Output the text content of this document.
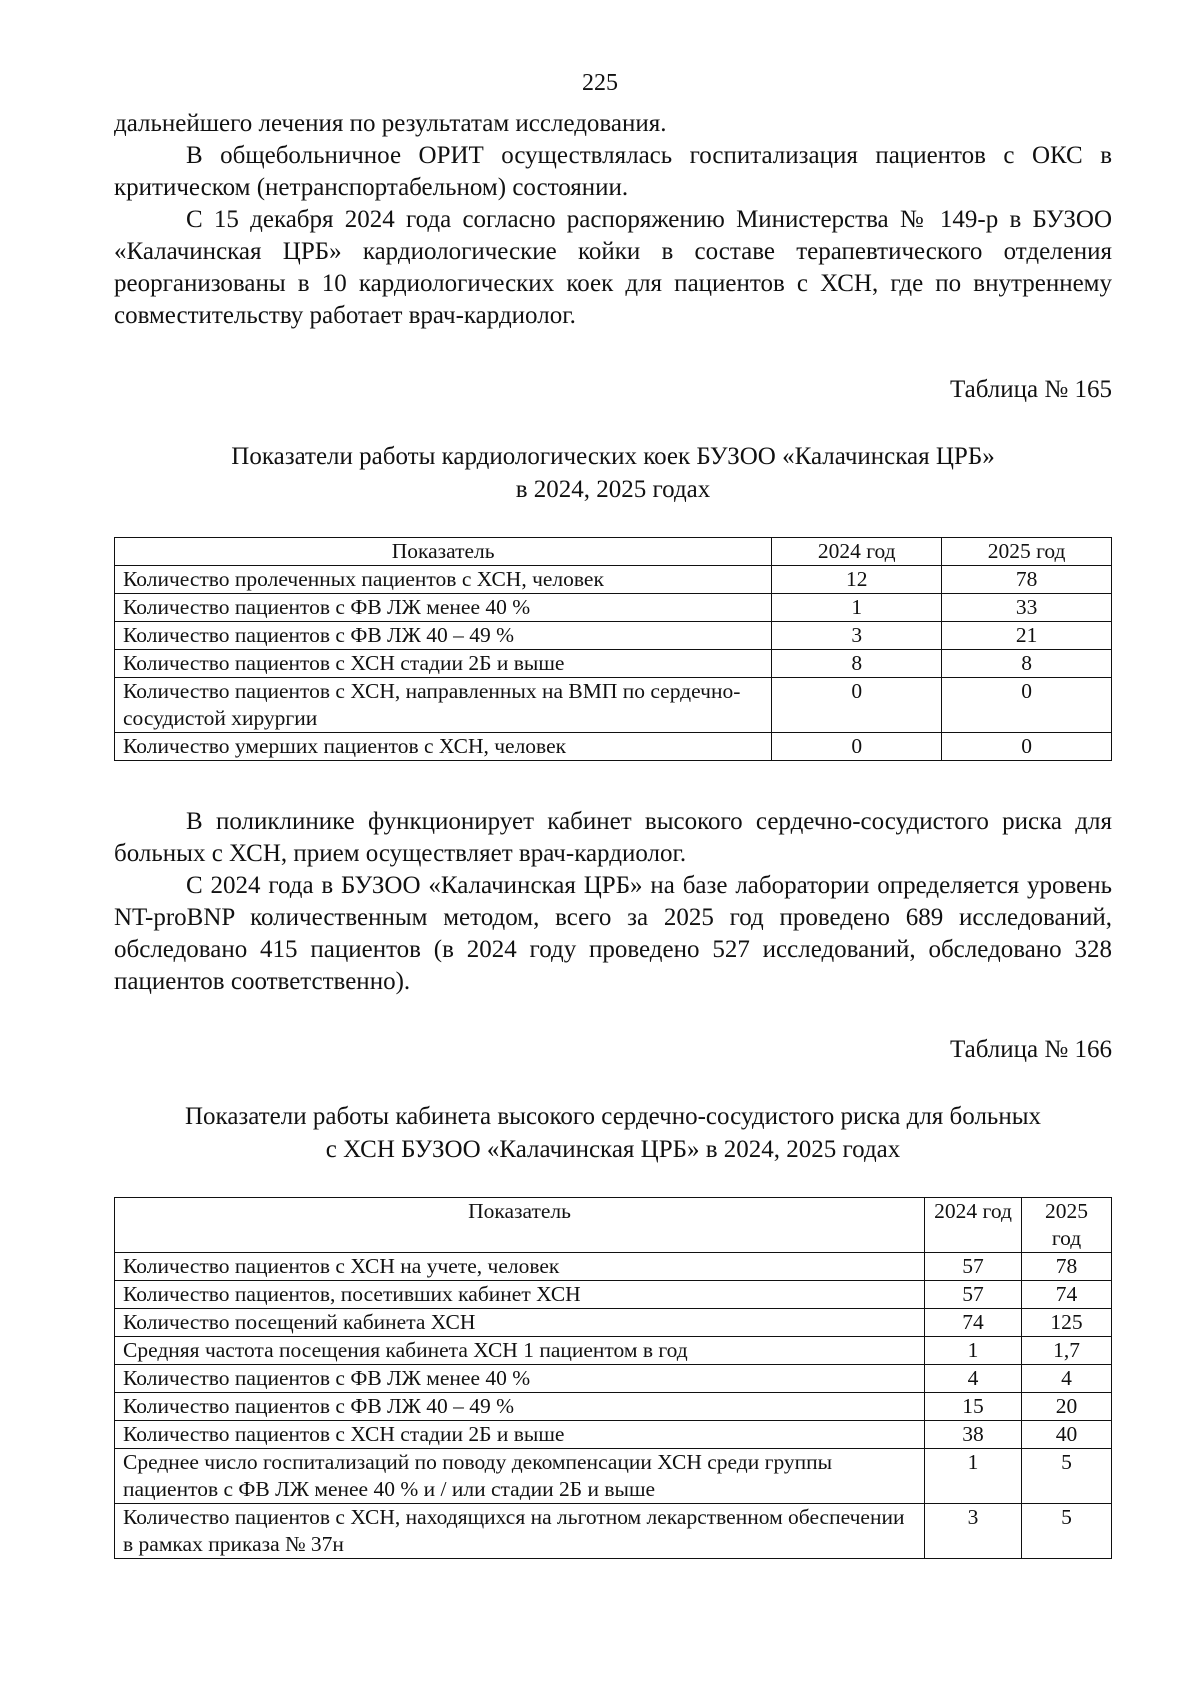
225

дальнейшего лечения по результатам исследования.

В общебольничное ОРИТ осуществлялась госпитализация пациентов с ОКС в критическом (нетранспортабельном) состоянии.

С 15 декабря 2024 года согласно распоряжению Министерства № 149-р в БУЗОО «Калачинская ЦРБ» кардиологические койки в составе терапевтического отделения реорганизованы в 10 кардиологических коек для пациентов с ХСН, где по внутреннему совместительству работает врач-кардиолог.

Таблица № 165
Показатели работы кардиологических коек БУЗОО «Калачинская ЦРБ»
в 2024, 2025 годах
Показатель	2024 год	2025 год
Количество пролеченных пациентов с ХСН, человек	12	78
Количество пациентов с ФВ ЛЖ менее 40 %	1	33
Количество пациентов с ФВ ЛЖ 40 – 49 %	3	21
Количество пациентов с ХСН стадии 2Б и выше	8	8
Количество пациентов с ХСН, направленных на ВМП по сердечно-сосудистой хирургии	0	0
Количество умерших пациентов с ХСН, человек	0	0

В поликлинике функционирует кабинет высокого сердечно-сосудистого риска для больных с ХСН, прием осуществляет врач-кардиолог.

С 2024 года в БУЗОО «Калачинская ЦРБ» на базе лаборатории определяется уровень NT-proBNP количественным методом, всего за 2025 год проведено 689 исследований, обследовано 415 пациентов (в 2024 году проведено 527 исследований, обследовано 328 пациентов соответственно).

Таблица № 166
Показатели работы кабинета высокого сердечно-сосудистого риска для больных
с ХСН БУЗОО «Калачинская ЦРБ» в 2024, 2025 годах
Показатель	2024 год	2025 год
Количество пациентов с ХСН на учете, человек	57	78
Количество пациентов, посетивших кабинет ХСН	57	74
Количество посещений кабинета ХСН	74	125
Средняя частота посещения кабинета ХСН 1 пациентом в год	1	1,7
Количество пациентов с ФВ ЛЖ менее 40 %	4	4
Количество пациентов с ФВ ЛЖ 40 – 49 %	15	20
Количество пациентов с ХСН стадии 2Б и выше	38	40
Среднее число госпитализаций по поводу декомпенсации ХСН среди группы пациентов с ФВ ЛЖ менее 40 % и / или стадии 2Б и выше	1	5
Количество пациентов с ХСН, находящихся на льготном лекарственном обеспечении в рамках приказа № 37н	3	5
